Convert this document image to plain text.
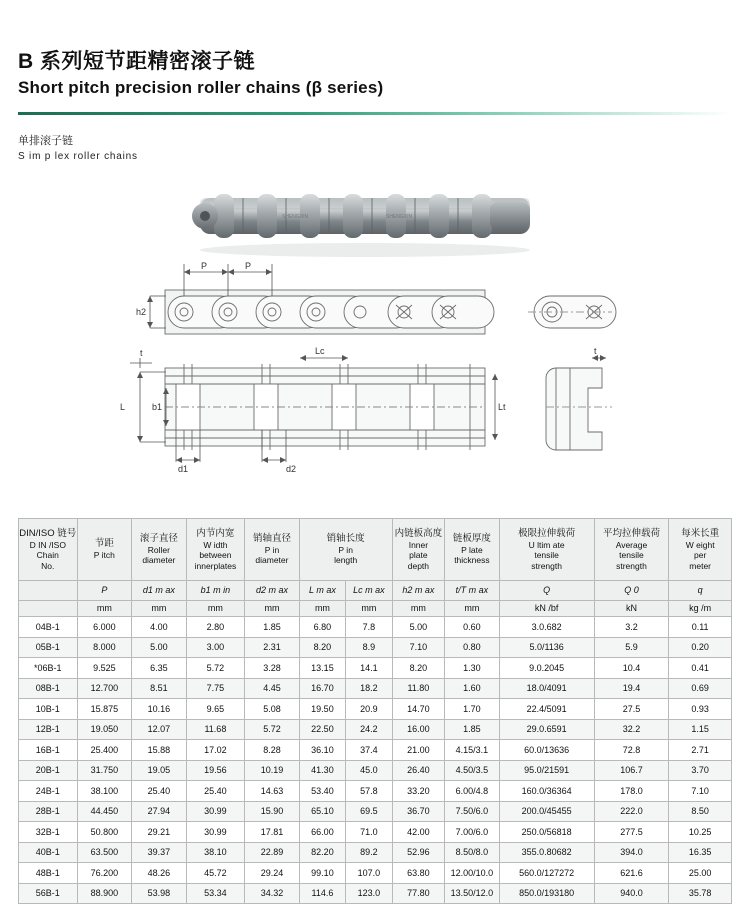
B 系列短节距精密滚子链
Short pitch precision roller chains (β series)
单排滚子链
S im p lex roller chains
SHENGXIN	SHENGXIN
P	P
h2
L	b1
t
d1	d2
Lc
Lt
t
DIN/ISO 链号
D IN /ISO
Chain
No.	节距
P itch	滚子直径
Roller
diameter	内节内宽
W idth
between
innerplates	销轴直径
P in
diameter	销轴长度
P in
length		内链板高度
Inner
plate
depth	链板厚度
P late
thickness	极限拉伸载荷
U ltim ate
tensile
strength	平均拉伸载荷
Average
tensile
strength	每米长重
W eight
per
meter

	P	d1 m ax	b1 m in	d2 m ax	L m ax	Lc m ax	h2 m ax	t/T m ax	Q	Q 0	q
	mm	mm	mm	mm	mm	mm	mm	mm	kN /bf	kN	kg /m
04B-1	6.000	4.00	2.80	1.85	6.80	7.8	5.00	0.60	3.0.682	3.2	0.11
05B-1	8.000	5.00	3.00	2.31	8.20	8.9	7.10	0.80	5.0/1136	5.9	0.20
*06B-1	9.525	6.35	5.72	3.28	13.15	14.1	8.20	1.30	9.0.2045	10.4	0.41
08B-1	12.700	8.51	7.75	4.45	16.70	18.2	11.80	1.60	18.0/4091	19.4	0.69
10B-1	15.875	10.16	9.65	5.08	19.50	20.9	14.70	1.70	22.4/5091	27.5	0.93
12B-1	19.050	12.07	11.68	5.72	22.50	24.2	16.00	1.85	29.0.6591	32.2	1.15
16B-1	25.400	15.88	17.02	8.28	36.10	37.4	21.00	4.15/3.1	60.0/13636	72.8	2.71
20B-1	31.750	19.05	19.56	10.19	41.30	45.0	26.40	4.50/3.5	95.0/21591	106.7	3.70
24B-1	38.100	25.40	25.40	14.63	53.40	57.8	33.20	6.00/4.8	160.0/36364	178.0	7.10
28B-1	44.450	27.94	30.99	15.90	65.10	69.5	36.70	7.50/6.0	200.0/45455	222.0	8.50
32B-1	50.800	29.21	30.99	17.81	66.00	71.0	42.00	7.00/6.0	250.0/56818	277.5	10.25
40B-1	63.500	39.37	38.10	22.89	82.20	89.2	52.96	8.50/8.0	355.0.80682	394.0	16.35
48B-1	76.200	48.26	45.72	29.24	99.10	107.0	63.80	12.00/10.0	560.0/127272	621.6	25.00
56B-1	88.900	53.98	53.34	34.32	114.6	123.0	77.80	13.50/12.0	850.0/193180	940.0	35.78
